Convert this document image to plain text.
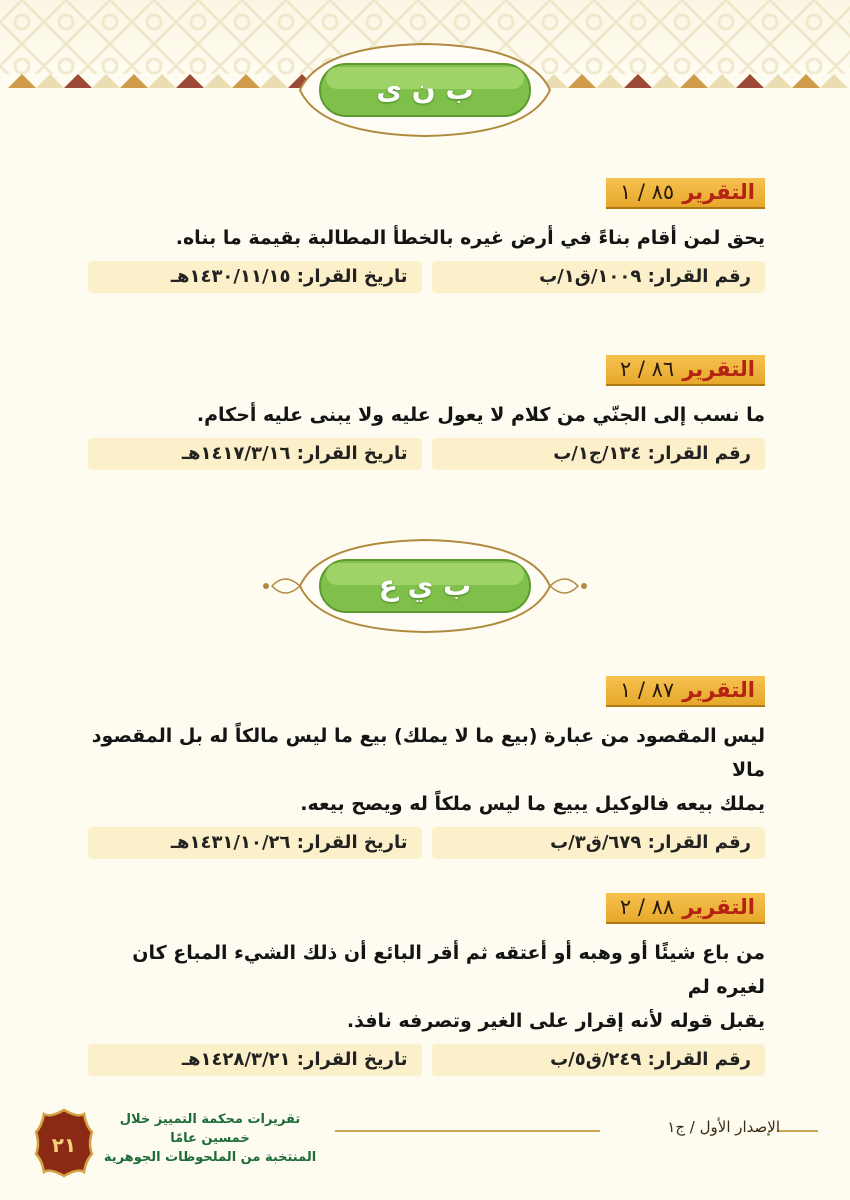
ب ن ى
التقرير٨٥ / ١
يحق لمن أقام بناءً في أرض غيره بالخطأ المطالبة بقيمة ما بناه.
رقم القرار: ١٠٠٩/ق١/ب
تاريخ القرار: ١٤٣٠/١١/١٥هـ
التقرير٨٦ / ٢
ما نسب إلى الجنّي من كلام لا يعول عليه ولا يبنى عليه أحكام.
رقم القرار: ١٣٤/ج١/ب
تاريخ القرار: ١٤١٧/٣/١٦هـ
ب ي ع
التقرير٨٧ / ١
ليس المقصود من عبارة (بيع ما لا يملك) بيع ما ليس مالكاً له بل المقصود مالا
يملك بيعه فالوكيل يبيع ما ليس ملكاً له ويصح بيعه.
رقم القرار: ٦٧٩/ق٣/ب
تاريخ القرار: ١٤٣١/١٠/٢٦هـ
التقرير٨٨ / ٢
من باع شيئًا أو وهبه أو أعتقه ثم أقر البائع أن ذلك الشيء المباع كان لغيره لم
يقبل قوله لأنه إقرار على الغير وتصرفه نافذ.
رقم القرار: ٢٤٩/ق٥/ب
تاريخ القرار: ١٤٢٨/٣/٢١هـ
الإصدار الأول / ج١
تقريرات محكمة التمييز خلال خمسين عامًا
المنتخبة من الملحوظات الجوهرية
٢١
